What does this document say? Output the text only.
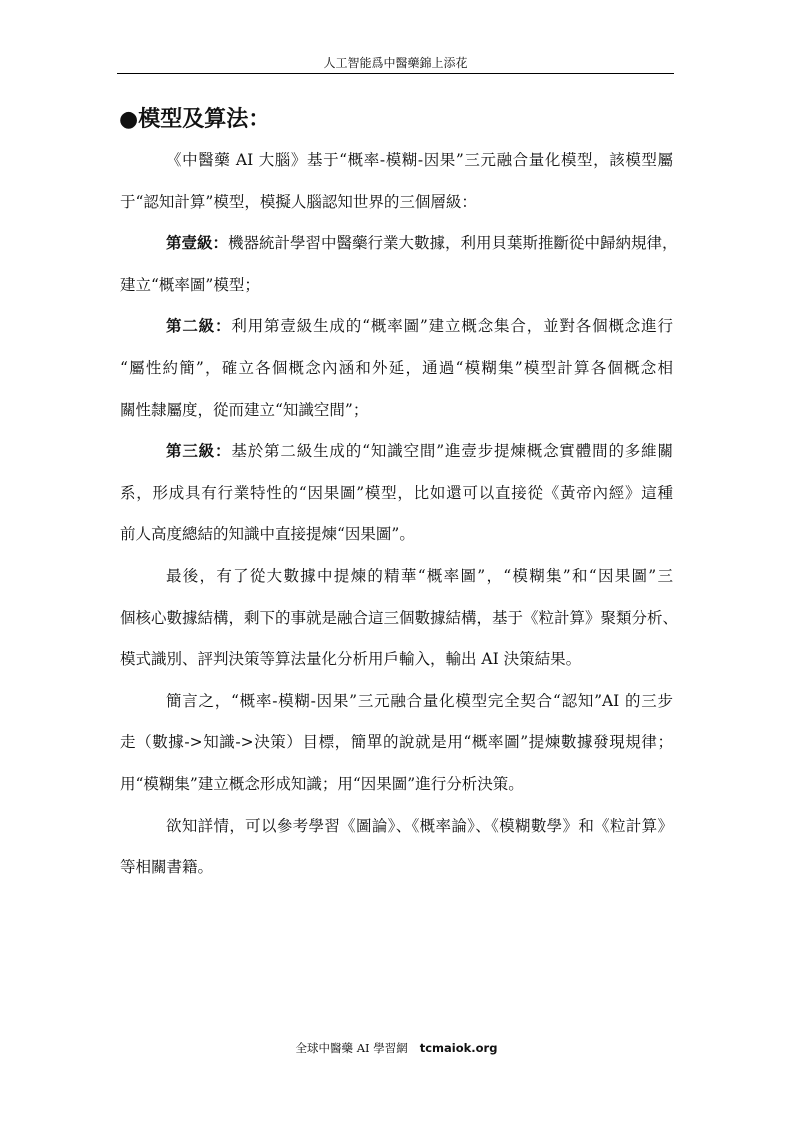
人工智能爲中醫藥錦上添花
●模型及算法：
《中醫藥 AI 大腦》基于“概率-模糊-因果”三元融合量化模型，該模型屬
于“認知計算”模型，模擬人腦認知世界的三個層級：
第壹級：機器統計學習中醫藥行業大數據，利用貝葉斯推斷從中歸納規律，
建立“概率圖”模型；
第二級：利用第壹級生成的“概率圖”建立概念集合，並對各個概念進行
“屬性約簡”，確立各個概念內涵和外延，通過“模糊集”模型計算各個概念相
關性隸屬度，從而建立“知識空間”；
第三級：基於第二級生成的“知識空間”進壹步提煉概念實體間的多維關
系，形成具有行業特性的“因果圖”模型，比如還可以直接從《黃帝內經》這種
前人高度總結的知識中直接提煉“因果圖”。
最後，有了從大數據中提煉的精華“概率圖”，“模糊集”和“因果圖”三
個核心數據結構，剩下的事就是融合這三個數據結構，基于《粒計算》聚類分析、
模式識別、評判決策等算法量化分析用戶輸入，輸出 AI 決策結果。
簡言之，“概率-模糊-因果”三元融合量化模型完全契合“認知”AI 的三步
走（數據->知識->決策）目標，簡單的說就是用“概率圖”提煉數據發現規律；
用“模糊集”建立概念形成知識；用“因果圖”進行分析決策。
欲知詳情，可以參考學習《圖論》、《概率論》、《模糊數學》和《粒計算》
等相關書籍。
全球中醫藥 AI 學習網 tcmaiok.org
